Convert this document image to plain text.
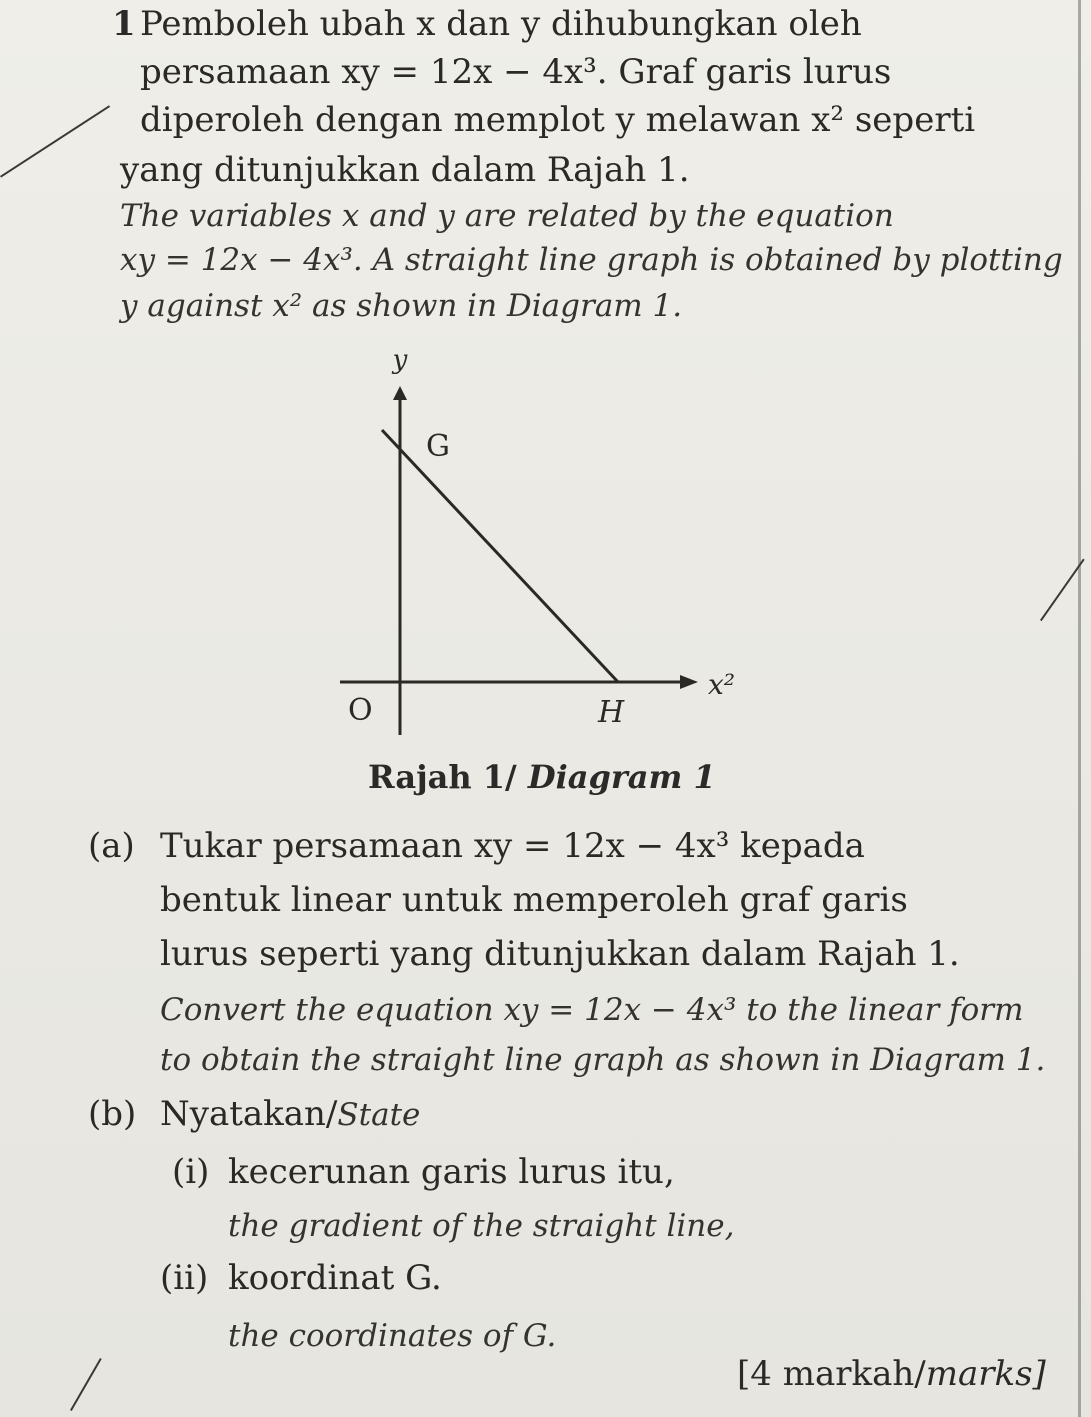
1 Pemboleh ubah x dan y dihubungkan oleh
persamaan xy = 12x − 4x³. Graf garis lurus
diperoleh dengan memplot y melawan x² seperti
yang ditunjukkan dalam Rajah 1.
The variables x and y are related by the equation
xy = 12x − 4x³. A straight line graph is obtained by plotting
y against x² as shown in Diagram 1.
y
G
O	H
x²
Rajah 1/ Diagram 1
(a) Tukar persamaan xy = 12x − 4x³ kepada
bentuk linear untuk memperoleh graf garis
lurus seperti yang ditunjukkan dalam Rajah 1.
Convert the equation xy = 12x − 4x³ to the linear form
to obtain the straight line graph as shown in Diagram 1.
(b) Nyatakan/State
(i) kecerunan garis lurus itu,
the gradient of the straight line,
(ii) koordinat G.
the coordinates of G.
[4 markah/marks]
